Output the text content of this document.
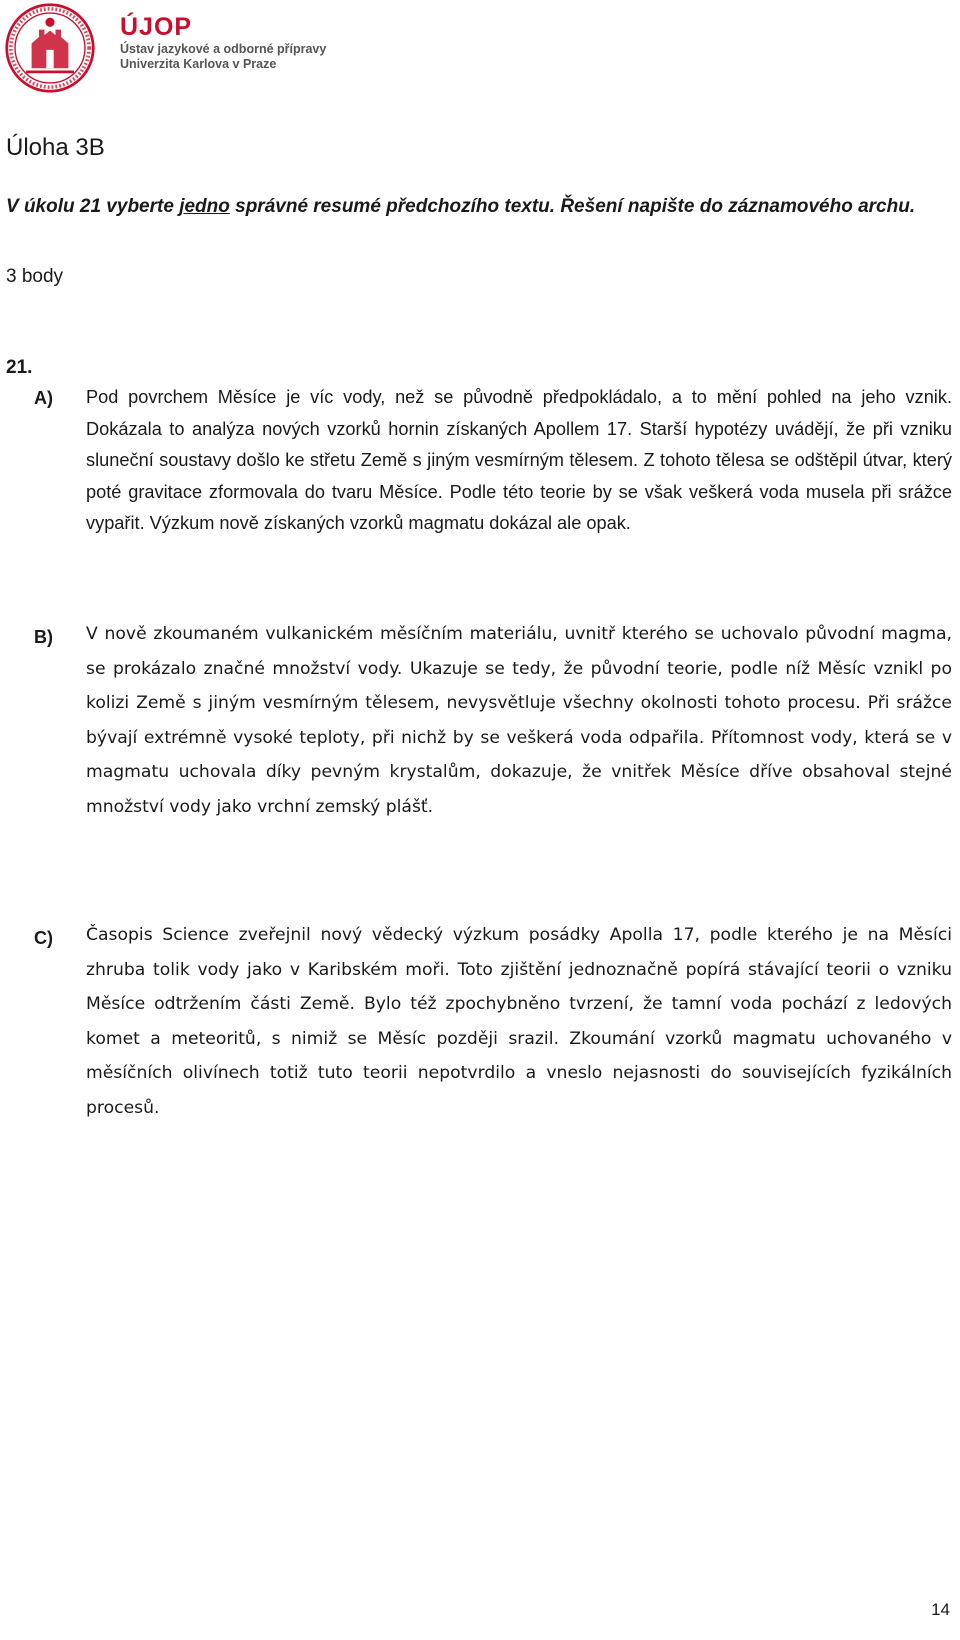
ÚJOP
Ústav jazykové a odborné přípravy
Univerzita Karlova v Praze
Úloha 3B
V úkolu 21 vyberte jedno správné resumé předchozího textu. Řešení napište do záznamového archu.
3 body
21.
A) Pod povrchem Měsíce je víc vody, než se původně předpokládalo, a to mění pohled na jeho vznik. Dokázala to analýza nových vzorků hornin získaných Apollem 17. Starší hypotézy uvádějí, že při vzniku sluneční soustavy došlo ke střetu Země s jiným vesmírným tělesem. Z tohoto tělesa se odštěpil útvar, který poté gravitace zformovala do tvaru Měsíce. Podle této teorie by se však veškerá voda musela při srážce vypařit. Výzkum nově získaných vzorků magmatu dokázal ale opak.
B) V nově zkoumaném vulkanickém měsíčním materiálu, uvnitř kterého se uchovalo původní magma, se prokázalo značné množství vody. Ukazuje se tedy, že původní teorie, podle níž Měsíc vznikl po kolizi Země s jiným vesmírným tělesem, nevysvětluje všechny okolnosti tohoto procesu. Při srážce bývají extrémně vysoké teploty, při nichž by se veškerá voda odpařila. Přítomnost vody, která se v magmatu uchovala díky pevným krystalům, dokazuje, že vnitřek Měsíce dříve obsahoval stejné množství vody jako vrchní zemský plášť.
C) Časopis Science zveřejnil nový vědecký výzkum posádky Apolla 17, podle kterého je na Měsíci zhruba tolik vody jako v Karibském moři. Toto zjištění jednoznačně popírá stávající teorii o vzniku Měsíce odtržením části Země. Bylo též zpochybněno tvrzení, že tamní voda pochází z ledových komet a meteoritů, s nimiž se Měsíc později srazil. Zkoumání vzorků magmatu uchovaného v měsíčních olivínech totiž tuto teorii nepotvrdilo a vneslo nejasnosti do souvisejících fyzikálních procesů.
14
